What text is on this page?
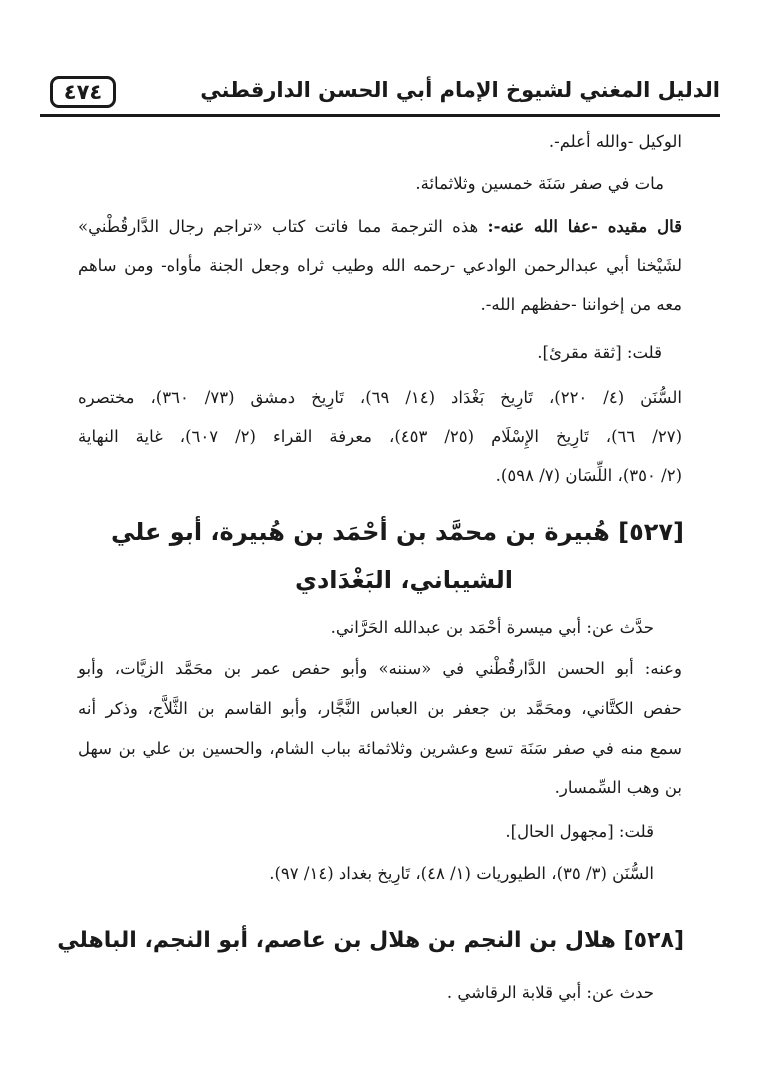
الدليل المغني لشيوخ الإمام أبي الحسن الدارقطني
٤٧٤
الوكيل -والله أعلم-.
مات في صفر سَنَة خمسين وثلاثمائة.
قال مقيده -عفا الله عنه-: هذه الترجمة مما فاتت كتاب «تراجم رجال الدَّارقُطْني»
لشَيْخنا أبي عبدالرحمن الوادعي -رحمه الله وطيب ثراه وجعل الجنة مأواه- ومن ساهم
معه من إخواننا -حفظهم الله-.
قلت: [ثقة مقرئ].
السُّنَن (٤/ ٢٢٠)، تَارِيخ بَغْدَاد (١٤/ ٦٩)، تَارِيخ دمشق (٧٣/ ٣٦٠)، مختصره
(٢٧/ ٦٦)، تَارِيخ الإِسْلَام (٢٥/ ٤٥٣)، معرفة القراء (٢/ ٦٠٧)، غاية النهاية
(٢/ ٣٥٠)، اللِّسَان (٧/ ٥٩٨).
[٥٢٧] هُبيرة بن محمَّد بن أحْمَد بن هُبيرة، أبو علي
الشيباني، البَغْدَادي
حدَّث عن: أبي ميسرة أحْمَد بن عبدالله الحَرَّاني.
وعنه: أبو الحسن الدَّارقُطْني في «سننه» وأبو حفص عمر بن محَمَّد الزيَّات، وأبو
حفص الكتَّاني، ومحَمَّد بن جعفر بن العباس النَّجَّار، وأبو القاسم بن الثَّلاَّج، وذكر أنه
سمع منه في صفر سَنَة تسع وعشرين وثلاثمائة بباب الشام، والحسين بن علي بن سهل
بن وهب السِّمسار.
قلت: [مجهول الحال].
السُّنَن (٣/ ٣٥)، الطيوريات (١/ ٤٨)، تَارِيخ بغداد (١٤/ ٩٧).
[٥٢٨] هلال بن النجم بن هلال بن عاصم، أبو النجم، الباهلي
حدث عن: أبي قلابة الرقاشي .
